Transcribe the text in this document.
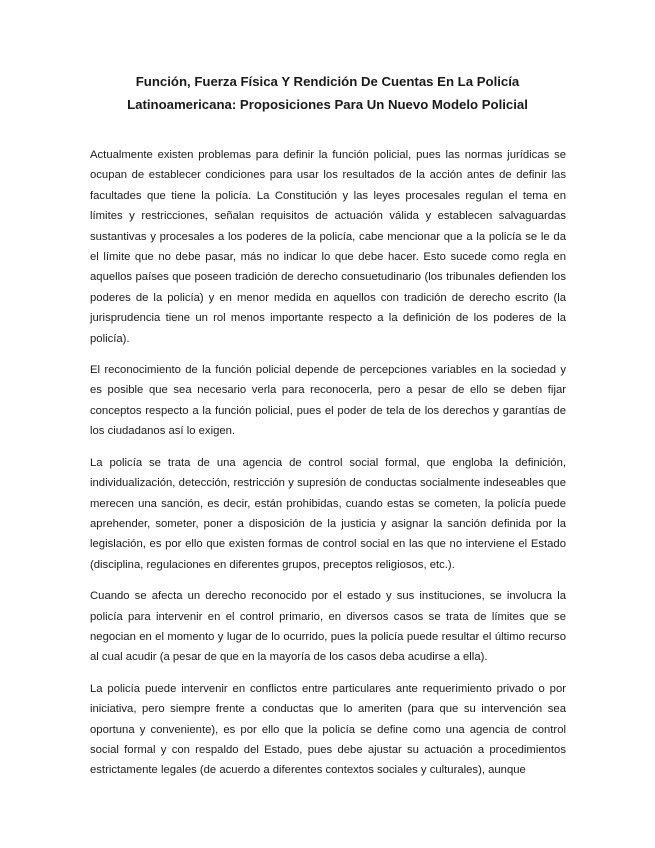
Función, Fuerza Física Y Rendición De Cuentas En La Policía
Latinoamericana: Proposiciones Para Un Nuevo Modelo Policial

Actualmente existen problemas para definir la función policial, pues las normas jurídicas se ocupan de establecer condiciones para usar los resultados de la acción antes de definir las facultades que tiene la policía. La Constitución y las leyes procesales regulan el tema en límites y restricciones, señalan requisitos de actuación válida y establecen salvaguardas sustantivas y procesales a los poderes de la policía, cabe mencionar que a la policía se le da el límite que no debe pasar, más no indicar lo que debe hacer. Esto sucede como regla en aquellos países que poseen tradición de derecho consuetudinario (los tribunales defienden los poderes de la policía) y en menor medida en aquellos con tradición de derecho escrito (la jurisprudencia tiene un rol menos importante respecto a la definición de los poderes de la policía).

El reconocimiento de la función policial depende de percepciones variables en la sociedad y es posible que sea necesario verla para reconocerla, pero a pesar de ello se deben fijar conceptos respecto a la función policial, pues el poder de tela de los derechos y garantías de los ciudadanos así lo exigen.

La policía se trata de una agencia de control social formal, que engloba la definición, individualización, detección, restricción y supresión de conductas socialmente indeseables que merecen una sanción, es decir, están prohibidas, cuando estas se cometen, la policía puede aprehender, someter, poner a disposición de la justicia y asignar la sanción definida por la legislación, es por ello que existen formas de control social en las que no interviene el Estado (disciplina, regulaciones en diferentes grupos, preceptos religiosos, etc.).

Cuando se afecta un derecho reconocido por el estado y sus instituciones, se involucra la policía para intervenir en el control primario, en diversos casos se trata de límites que se negocian en el momento y lugar de lo ocurrido, pues la policía puede resultar el último recurso al cual acudir (a pesar de que en la mayoría de los casos deba acudirse a ella).

La policía puede intervenir en conflictos entre particulares ante requerimiento privado o por iniciativa, pero siempre frente a conductas que lo ameriten (para que su intervención sea oportuna y conveniente), es por ello que la policía se define como una agencia de control social formal y con respaldo del Estado, pues debe ajustar su actuación a procedimientos estrictamente legales (de acuerdo a diferentes contextos sociales y culturales), aunque
